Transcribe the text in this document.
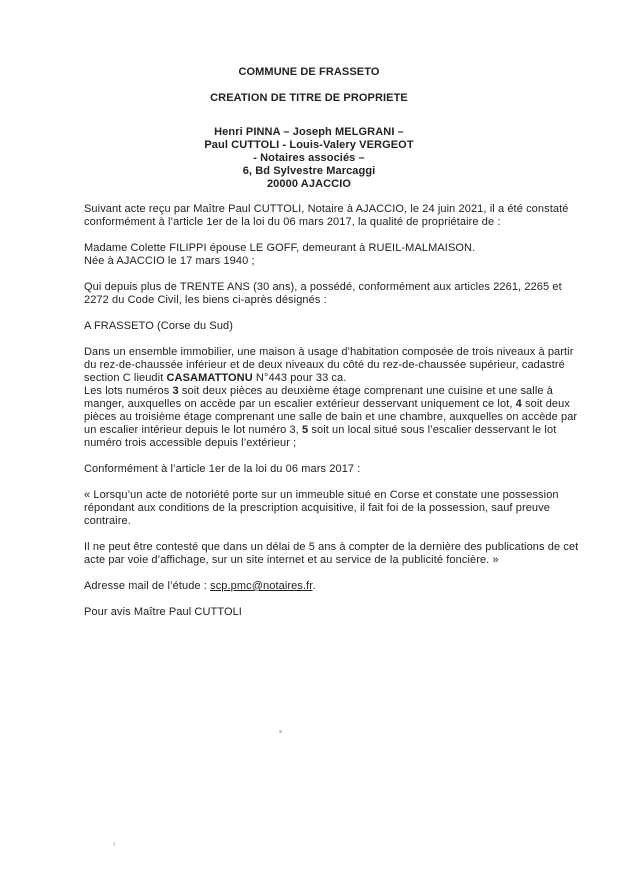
COMMUNE DE FRASSETO
CREATION DE TITRE DE PROPRIETE
Henri PINNA – Joseph MELGRANI –
Paul CUTTOLI - Louis-Valery VERGEOT
- Notaires associés –
6, Bd Sylvestre Marcaggi
20000 AJACCIO

Suivant acte reçu par Maître Paul CUTTOLI, Notaire à AJACCIO, le 24 juin 2021, il a été constaté
conformément à l’article 1er de la loi du 06 mars 2017, la qualité de propriétaire de :

Madame Colette FILIPPI épouse LE GOFF, demeurant à RUEIL-MALMAISON.
Née à AJACCIO le 17 mars 1940 ;

Qui depuis plus de TRENTE ANS (30 ans), a possédé, conformément aux articles 2261, 2265 et
2272 du Code Civil, les biens ci-après désignés :

A FRASSETO (Corse du Sud)

Dans un ensemble immobilier, une maison à usage d’habitation composée de trois niveaux à partir
du rez-de-chaussée inférieur et de deux niveaux du côté du rez-de-chaussée supérieur, cadastré
section C lieudit CASAMATTONU N°443 pour 33 ca.
Les lots numéros 3 soit deux pièces au deuxième étage comprenant une cuisine et une salle à
manger, auxquelles on accède par un escalier extérieur desservant uniquement ce lot, 4 soit deux
pièces au troisième étage comprenant une salle de bain et une chambre, auxquelles on accède par
un escalier intérieur depuis le lot numéro 3, 5 soit un local situé sous l’escalier desservant le lot
numéro trois accessible depuis l’extérieur ;

Conformément à l’article 1er de la loi du 06 mars 2017 :

« Lorsqu’un acte de notoriété porte sur un immeuble situé en Corse et constate une possession
répondant aux conditions de la prescription acquisitive, il fait foi de la possession, sauf preuve
contraire.

Il ne peut être contesté que dans un délai de 5 ans à compter de la dernière des publications de cet
acte par voie d’affichage, sur un site internet et au service de la publicité foncière. »

Adresse mail de l’étude : scp.pmc@notaires.fr.

Pour avis Maître Paul CUTTOLI
